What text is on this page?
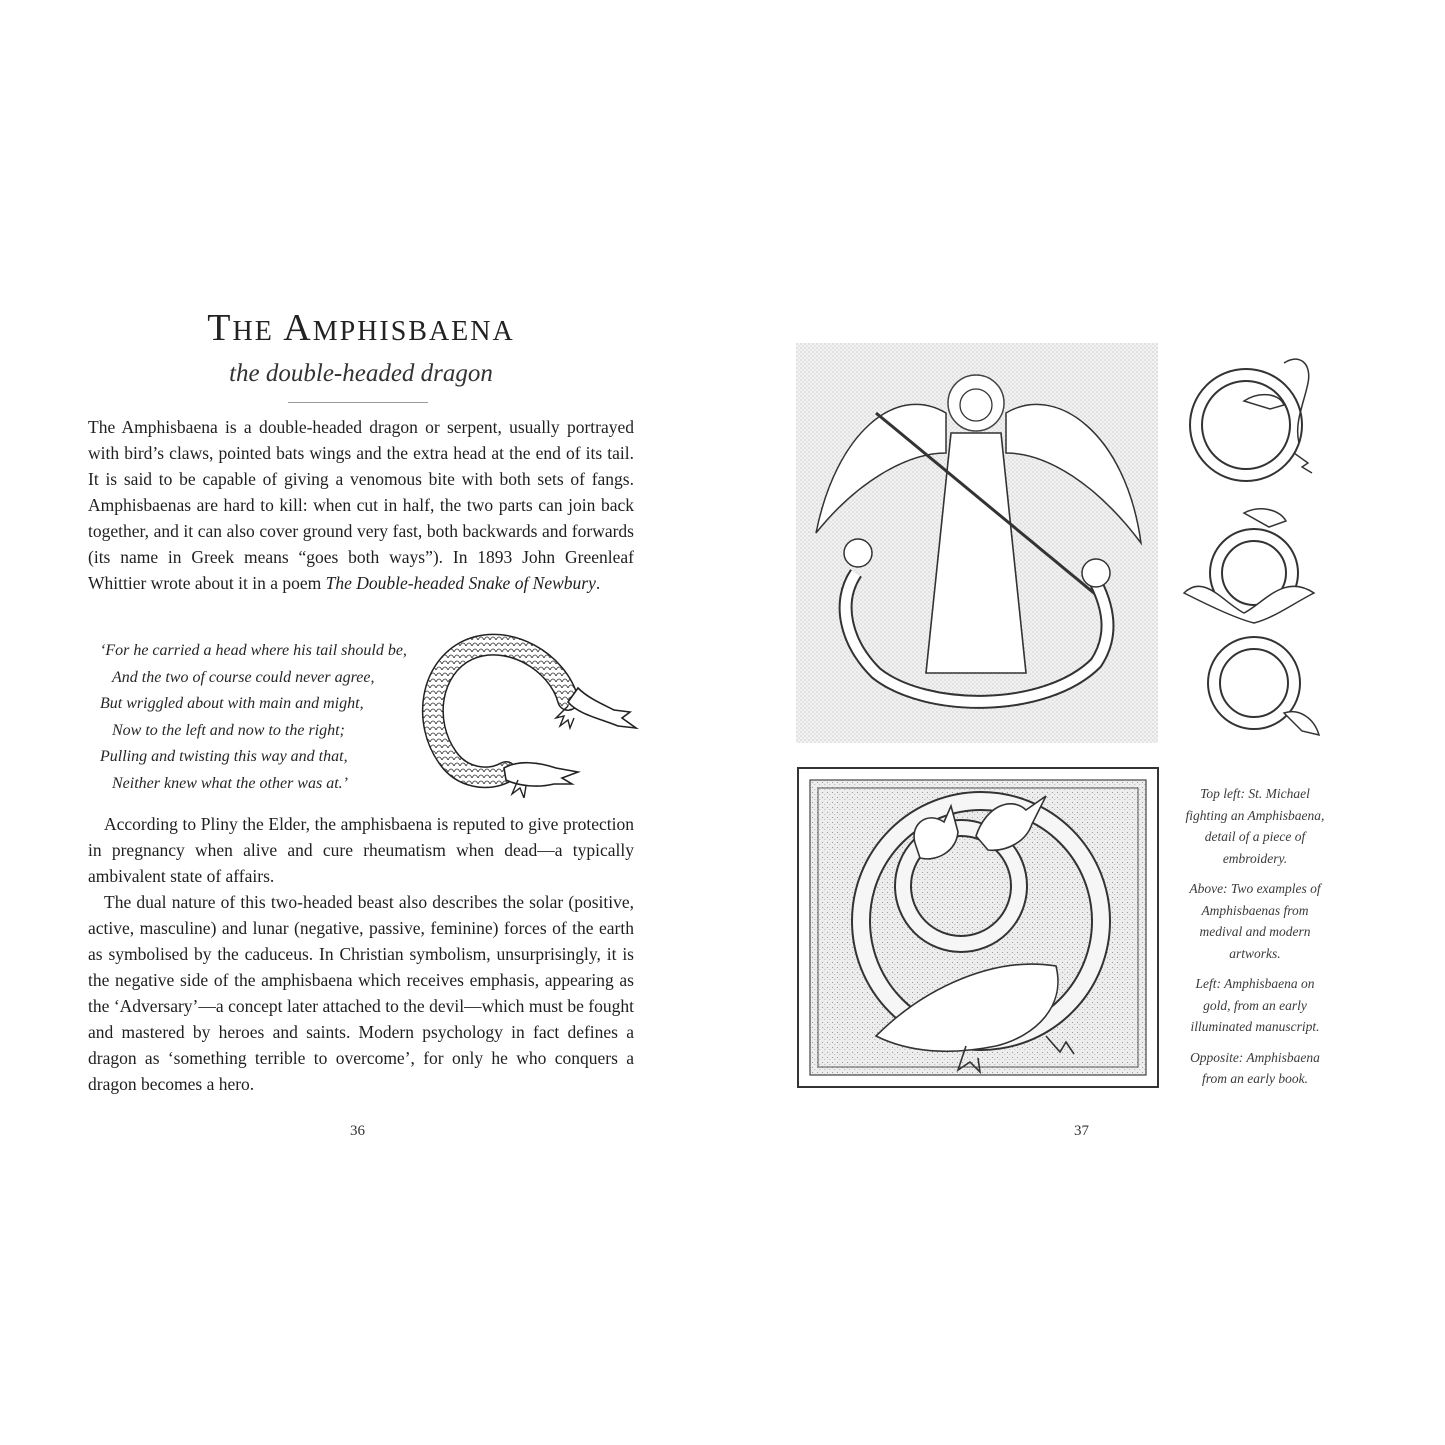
THE AMPHISBAENA
the double-headed dragon

The Amphisbaena is a double-headed dragon or serpent, usually portrayed with bird’s claws, pointed bats wings and the extra head at the end of its tail. It is said to be capable of giving a venomous bite with both sets of fangs. Amphisbaenas are hard to kill: when cut in half, the two parts can join back together, and it can also cover ground very fast, both backwards and forwards (its name in Greek means “goes both ways”). In 1893 John Greenleaf Whittier wrote about it in a poem The Double-headed Snake of Newbury.

‘For he carried a head where his tail should be,
And the two of course could never agree,
But wriggled about with main and might,
Now to the left and now to the right;
Pulling and twisting this way and that,
Neither knew what the other was at.’

According to Pliny the Elder, the amphisbaena is reputed to give protection in pregnancy when alive and cure rheumatism when dead—a typically ambivalent state of affairs.

The dual nature of this two-headed beast also describes the solar (positive, active, masculine) and lunar (negative, passive, feminine) forces of the earth as symbolised by the caduceus. In Christian symbolism, unsurprisingly, it is the negative side of the amphisbaena which receives emphasis, appearing as the ‘Adversary’—a concept later attached to the devil—which must be fought and mastered by heroes and saints. Modern psychology in fact defines a dragon as ‘something terrible to overcome’, for only he who conquers a dragon becomes a hero.

36

Top left: St. Michael fighting an Amphisbaena, detail of a piece of embroidery.

Above: Two examples of Amphisbaenas from medival and modern artworks.

Left: Amphisbaena on gold, from an early illuminated manuscript.

Opposite: Amphisbaena from an early book.

37
